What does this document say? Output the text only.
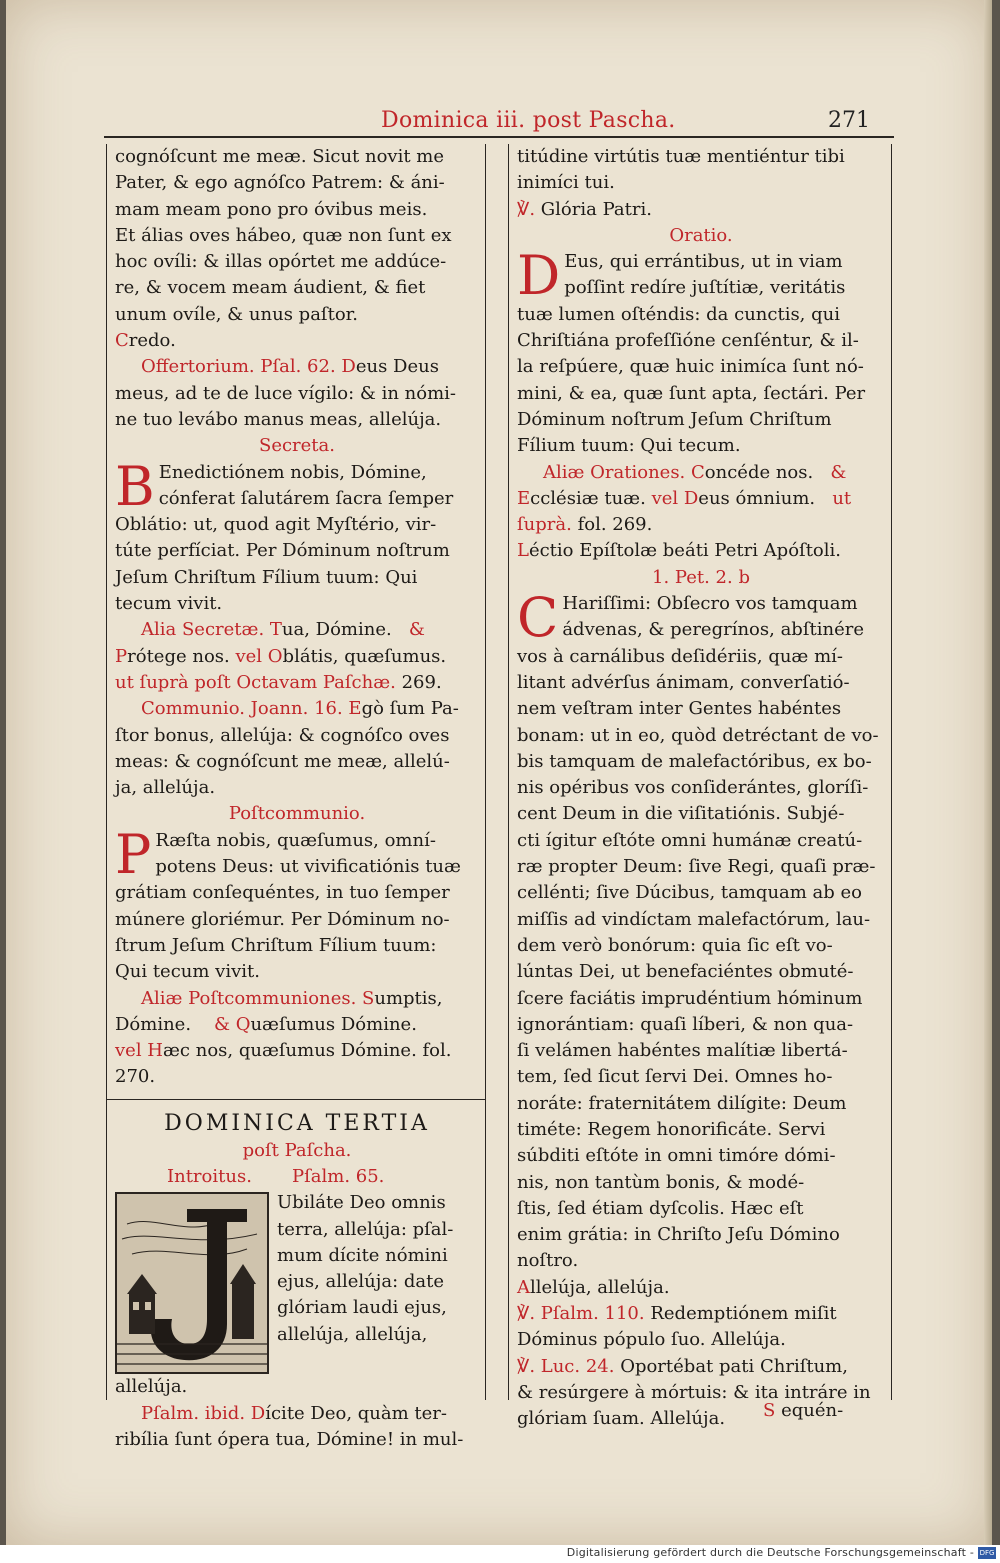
Dominica iii. post Pascha.	271
cognóſcunt me meæ. Sicut novit me
Pater, & ego agnóſco Patrem: & áni-
mam meam pono pro óvibus meis.
Et álias oves hábeo, quæ non ſunt ex
hoc ovíli: & illas opórtet me addúce-
re, & vocem meam áudient, & fiet
unum ovíle, & unus paſtor.
Credo.
Offertorium. Pſal. 62. Deus Deus
meus, ad te de luce vígilo: & in nómi-
ne tuo levábo manus meas, allelúja.
Secreta.
B Enedictiónem nobis, Dómine,
cónferat ſalutárem ſacra ſemper
Oblátio: ut, quod agit Myſtério, vir-
túte perfíciat. Per Dóminum noſtrum
Jeſum Chriſtum Fílium tuum: Qui
tecum vivit.
Alia Secretæ. Tua, Dómine. &
Prótege nos. vel Oblátis, quæſumus.
ut ſuprà poſt Octavam Paſchæ. 269.
Communio. Joann. 16. Egò ſum Pa-
ſtor bonus, allelúja: & cognóſco oves
meas: & cognóſcunt me meæ, allelú-
ja, allelúja.
Poſtcommunio.
P Ræſta nobis, quæſumus, omní-
potens Deus: ut vivificatiónis tuæ
grátiam conſequéntes, in tuo ſemper
múnere gloriémur. Per Dóminum no-
ſtrum Jeſum Chriſtum Fílium tuum:
Qui tecum vivit.
Aliæ Poſtcommuniones. Sumptis,
Dómine. & Quæſumus Dómine.
vel Hæc nos, quæſumus Dómine. fol.
270.
DOMINICA TERTIA
poſt Paſcha.
Introitus. Pſalm. 65.
Ubiláte Deo omnis
terra, allelúja: pſal-
mum dícite nómini
ejus, allelúja: date
glóriam laudi ejus,
allelúja, allelúja,
allelúja.
Pſalm. ibid. Dícite Deo, quàm ter-
ribília ſunt ópera tua, Dómine! in mul-
titúdine virtútis tuæ mentiéntur tibi
inimíci tui.
℣. Glória Patri.
Oratio.
D Eus, qui errántibus, ut in viam
poſſint redíre juſtítiæ, veritátis
tuæ lumen oſténdis: da cunctis, qui
Chriſtiána profeſſióne cenſéntur, & il-
la reſpúere, quæ huic inimíca ſunt nó-
mini, & ea, quæ ſunt apta, ſectári. Per
Dóminum noſtrum Jeſum Chriſtum
Fílium tuum: Qui tecum.
Aliæ Orationes. Concéde nos. &
Ecclésiæ tuæ. vel Deus ómnium. ut
ſuprà. fol. 269.
Léctio Epíſtolæ beáti Petri Apóſtoli.
1. Pet. 2. b
C Hariſſimi: Obſecro vos tamquam
ádvenas, & peregrínos, abſtinére
vos à carnálibus deſidériis, quæ mí-
litant advérſus ánimam, converſatió-
nem veſtram inter Gentes habéntes
bonam: ut in eo, quòd detréctant de vo-
bis tamquam de malefactóribus, ex bo-
nis opéribus vos conſiderántes, gloríſi-
cent Deum in die viſitatiónis. Subjé-
cti ígitur eſtóte omni humánæ creatú-
ræ propter Deum: ſive Regi, quaſi præ-
cellénti; ſive Dúcibus, tamquam ab eo
miſſis ad vindíctam malefactórum, lau-
dem verò bonórum: quia ſic eſt vo-
lúntas Dei, ut benefaciéntes obmuté-
ſcere faciátis imprudéntium hóminum
ignorántiam: quaſi líberi, & non qua-
ſi velámen habéntes malítiæ libertá-
tem, ſed ſicut ſervi Dei. Omnes ho-
noráte: fraternitátem dilígite: Deum
timéte: Regem honorificáte. Servi
súbditi eſtóte in omni timóre dómi-
nis, non tantùm bonis, & modé-
ſtis, ſed étiam dyſcolis. Hæc eſt
enim grátia: in Chriſto Jeſu Dómino
noſtro.
Allelúja, allelúja.
℣. Pſalm. 110. Redemptiónem miſit
Dóminus pópulo ſuo. Allelúja.
℣. Luc. 24. Oportébat pati Chriſtum,
& resúrgere à mórtuis: & ita intráre in
glóriam ſuam. Allelúja.	S equén-
Digitalisierung gefördert durch die Deutsche Forschungsgemeinschaft - DFG
